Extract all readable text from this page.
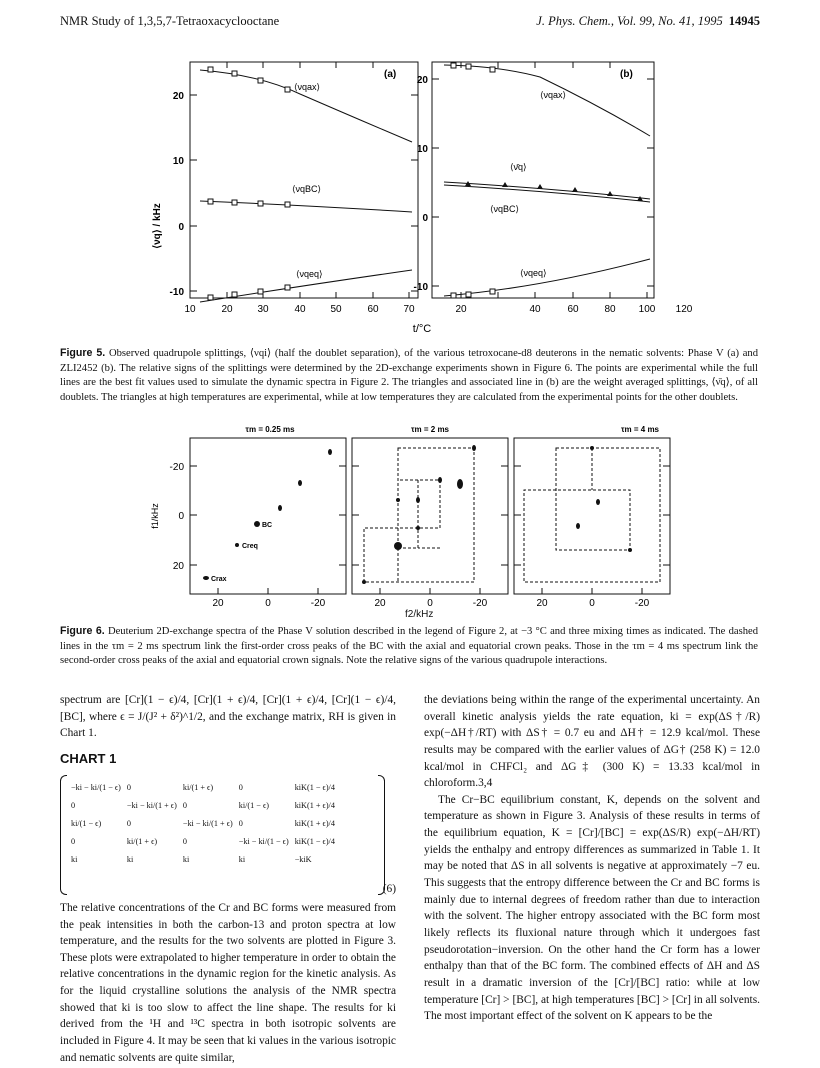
NMR Study of 1,3,5,7-Tetraoxacyclooctane	J. Phys. Chem., Vol. 99, No. 41, 1995 14945
20
10
0
-10
20
10
0
-10
10	20 30	40 50	60 70	20	40	60	80 100 120
t/°C
⟨νq⟩ / kHz
(a)	(b)
⟨νqax⟩
⟨νqBC⟩
⟨νqeq⟩
⟨νqax⟩
⟨ν̄q⟩
⟨νqBC⟩
⟨νqeq⟩
Figure 5. Observed quadrupole splittings, ⟨νqi⟩ (half the doublet separation), of the various tetroxocane-d8 deuterons in the nematic solvents: Phase V (a) and ZLI2452 (b). The relative signs of the splittings were determined by the 2D-exchange experiments shown in Figure 6. The points are experimental while the full lines are the best fit values used to simulate the dynamic spectra in Figure 2. The triangles and associated line in (b) are the weight averaged splittings, ⟨ν̄q⟩, of all doublets. The triangles at high temperatures are experimental, while at low temperatures they are calculated from the experimental points for the other doublets.
τm = 0.25 ms	τm = 2 ms	τm = 4 ms
BC
Creq
Crax
-20
0
20
20	0	-20	20	0	-20	20	0	-20
f1/kHz
f2/kHz
Figure 6. Deuterium 2D-exchange spectra of the Phase V solution described in the legend of Figure 2, at −3 °C and three mixing times as indicated. The dashed lines in the τm = 2 ms spectrum link the first-order cross peaks of the BC with the axial and equatorial crown peaks. Those in the τm = 4 ms spectrum link the second-order cross peaks of the axial and equatorial crown signals. Note the relative signs of the various quadrupole interactions.

spectrum are [Cr](1 − ϵ)/4, [Cr](1 + ϵ)/4, [Cr](1 + ϵ)/4, [Cr](1 − ϵ)/4, [BC], where ϵ = J/(J² + δ²)^1/2, and the exchange matrix, RH is given in Chart 1.

CHART 1
−ki − ki/(1 − ϵ)	0	ki/(1 + ϵ)	0	kiK(1 − ϵ)/4
0	−ki − ki/(1 + ϵ)	0	ki/(1 − ϵ)	kiK(1 + ϵ)/4
ki/(1 − ϵ)	0	−ki − ki/(1 + ϵ)	0	kiK(1 + ϵ)/4
0	ki/(1 + ϵ)	0	−ki − ki/(1 − ϵ)	kiK(1 − ϵ)/4
ki	ki	ki	ki	−kiK
(6)

The relative concentrations of the Cr and BC forms were measured from the peak intensities in both the carbon-13 and proton spectra at low temperature, and the results for the two solvents are plotted in Figure 3. These plots were extrapolated to higher temperature in order to obtain the relative concentrations in the dynamic region for the kinetic analysis. As for the liquid crystalline solutions the analysis of the NMR spectra showed that ki is too slow to affect the line shape. The results for ki derived from the ¹H and ¹³C spectra in both isotropic solvents are included in Figure 4. It may be seen that ki values in the various isotropic and nematic solvents are quite similar,

the deviations being within the range of the experimental uncertainty. An overall kinetic analysis yields the rate equation, ki = exp(ΔS†/R) exp(−ΔH†/RT) with ΔS† = 0.7 eu and ΔH† = 12.9 kcal/mol. These results may be compared with the earlier values of ΔG† (258 K) = 12.0 kcal/mol in CHFCl₂ and ΔG‡ (300 K) = 13.33 kcal/mol in chloroform.3,4

The Cr−BC equilibrium constant, K, depends on the solvent and temperature as shown in Figure 3. Analysis of these results in terms of the equilibrium equation, K = [Cr]/[BC] = exp(ΔS/R) exp(−ΔH/RT) yields the enthalpy and entropy differences as summarized in Table 1. It may be noted that ΔS in all solvents is negative at approximately −7 eu. This suggests that the entropy difference between the Cr and BC forms is mainly due to internal degrees of freedom rather than due to interaction with the solvent. The higher entropy associated with the BC form most likely reflects its fluxional nature through which it undergoes fast pseudorotation−inversion. On the other hand the Cr form has a lower enthalpy than that of the BC form. The combined effects of ΔH and ΔS result in a dramatic inversion of the [Cr]/[BC] ratio: while at low temperature [Cr] > [BC], at high temperatures [BC] > [Cr] in all solvents. The most important effect of the solvent on K appears to be the
